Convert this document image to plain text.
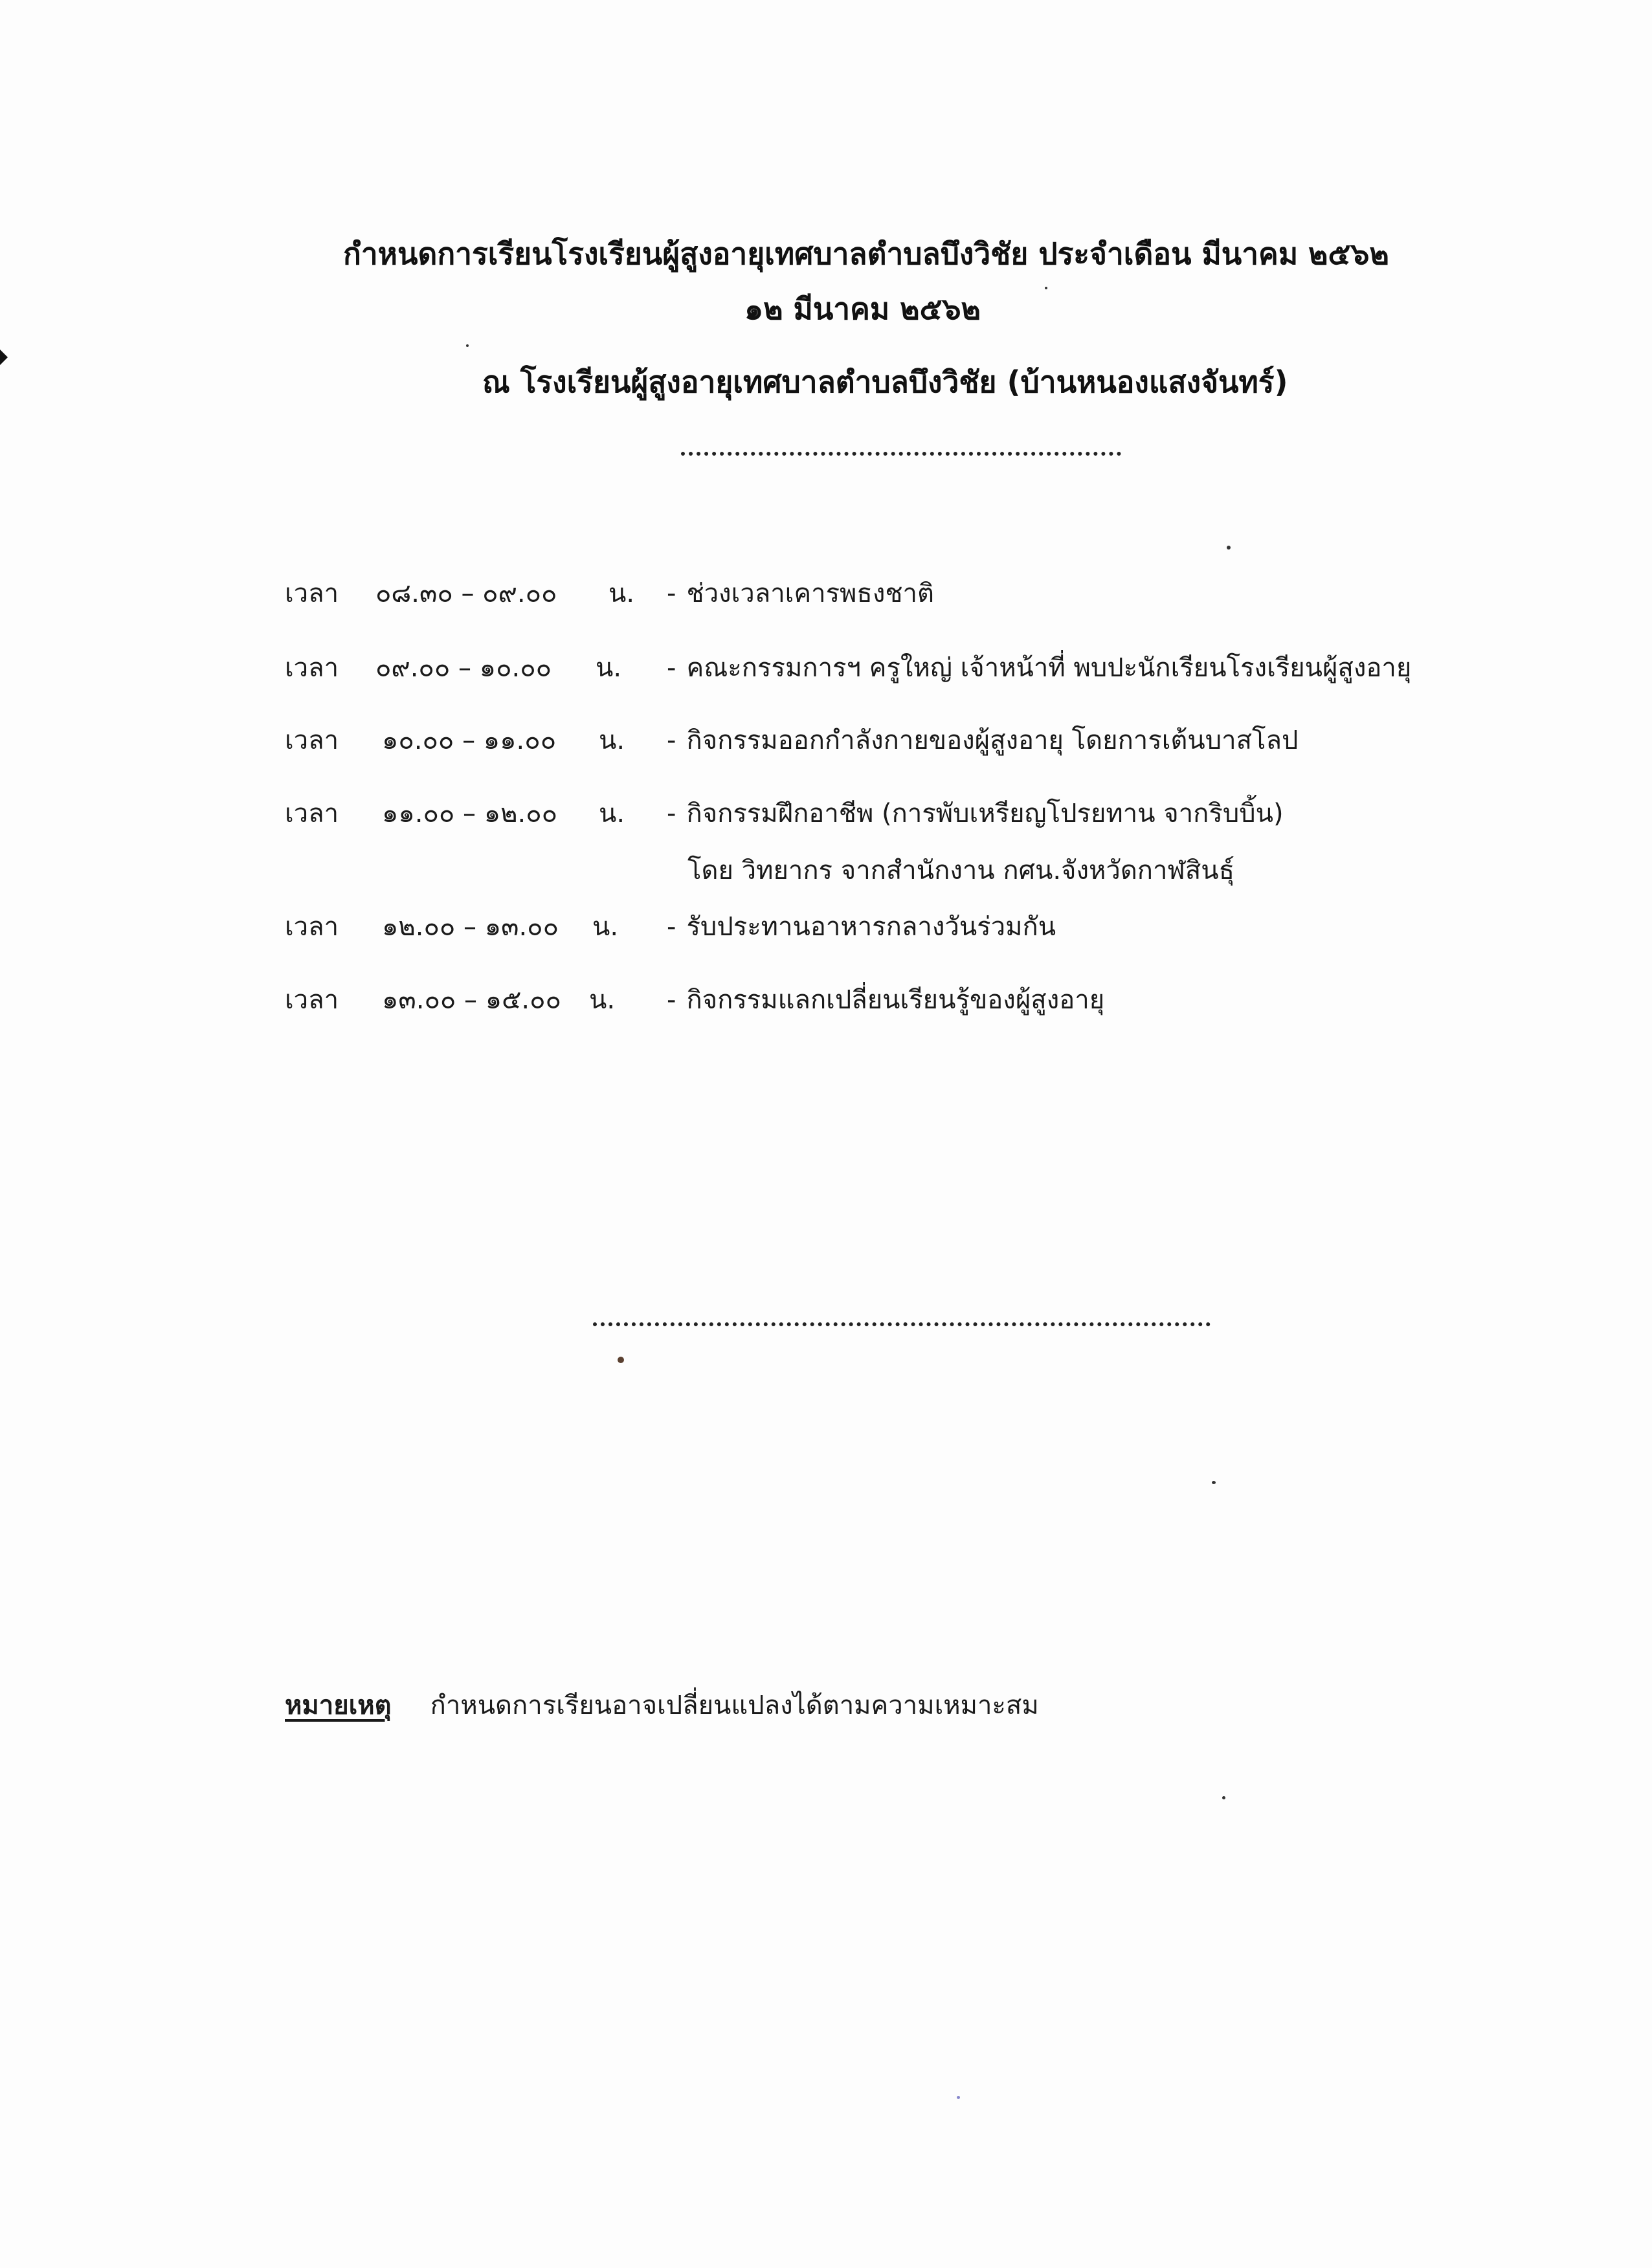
กำหนดการเรียนโรงเรียนผู้สูงอายุเทศบาลตำบลบึงวิชัย ประจำเดือน มีนาคม ๒๕๖๒
๑๒ มีนาคม ๒๕๖๒
ณ โรงเรียนผู้สูงอายุเทศบาลตำบลบึงวิชัย (บ้านหนองแสงจันทร์)
เวลา ๐๘.๓๐ – ๐๙.๐๐ น. - ช่วงเวลาเคารพธงชาติ
เวลา ๐๙.๐๐ – ๑๐.๐๐ น. - คณะกรรมการฯ ครูใหญ่ เจ้าหน้าที่ พบปะนักเรียนโรงเรียนผู้สูงอายุ
เวลา ๑๐.๐๐ – ๑๑.๐๐ น. - กิจกรรมออกกำลังกายของผู้สูงอายุ โดยการเต้นบาสโลป
เวลา ๑๑.๐๐ – ๑๒.๐๐ น. - กิจกรรมฝึกอาชีพ (การพับเหรียญโปรยทาน จากริบบิ้น)
โดย วิทยากร จากสำนักงาน กศน.จังหวัดกาฬสินธุ์
เวลา ๑๒.๐๐ – ๑๓.๐๐ น. - รับประทานอาหารกลางวันร่วมกัน
เวลา ๑๓.๐๐ – ๑๕.๐๐ น. - กิจกรรมแลกเปลี่ยนเรียนรู้ของผู้สูงอายุ
หมายเหตุ กำหนดการเรียนอาจเปลี่ยนแปลงได้ตามความเหมาะสม
